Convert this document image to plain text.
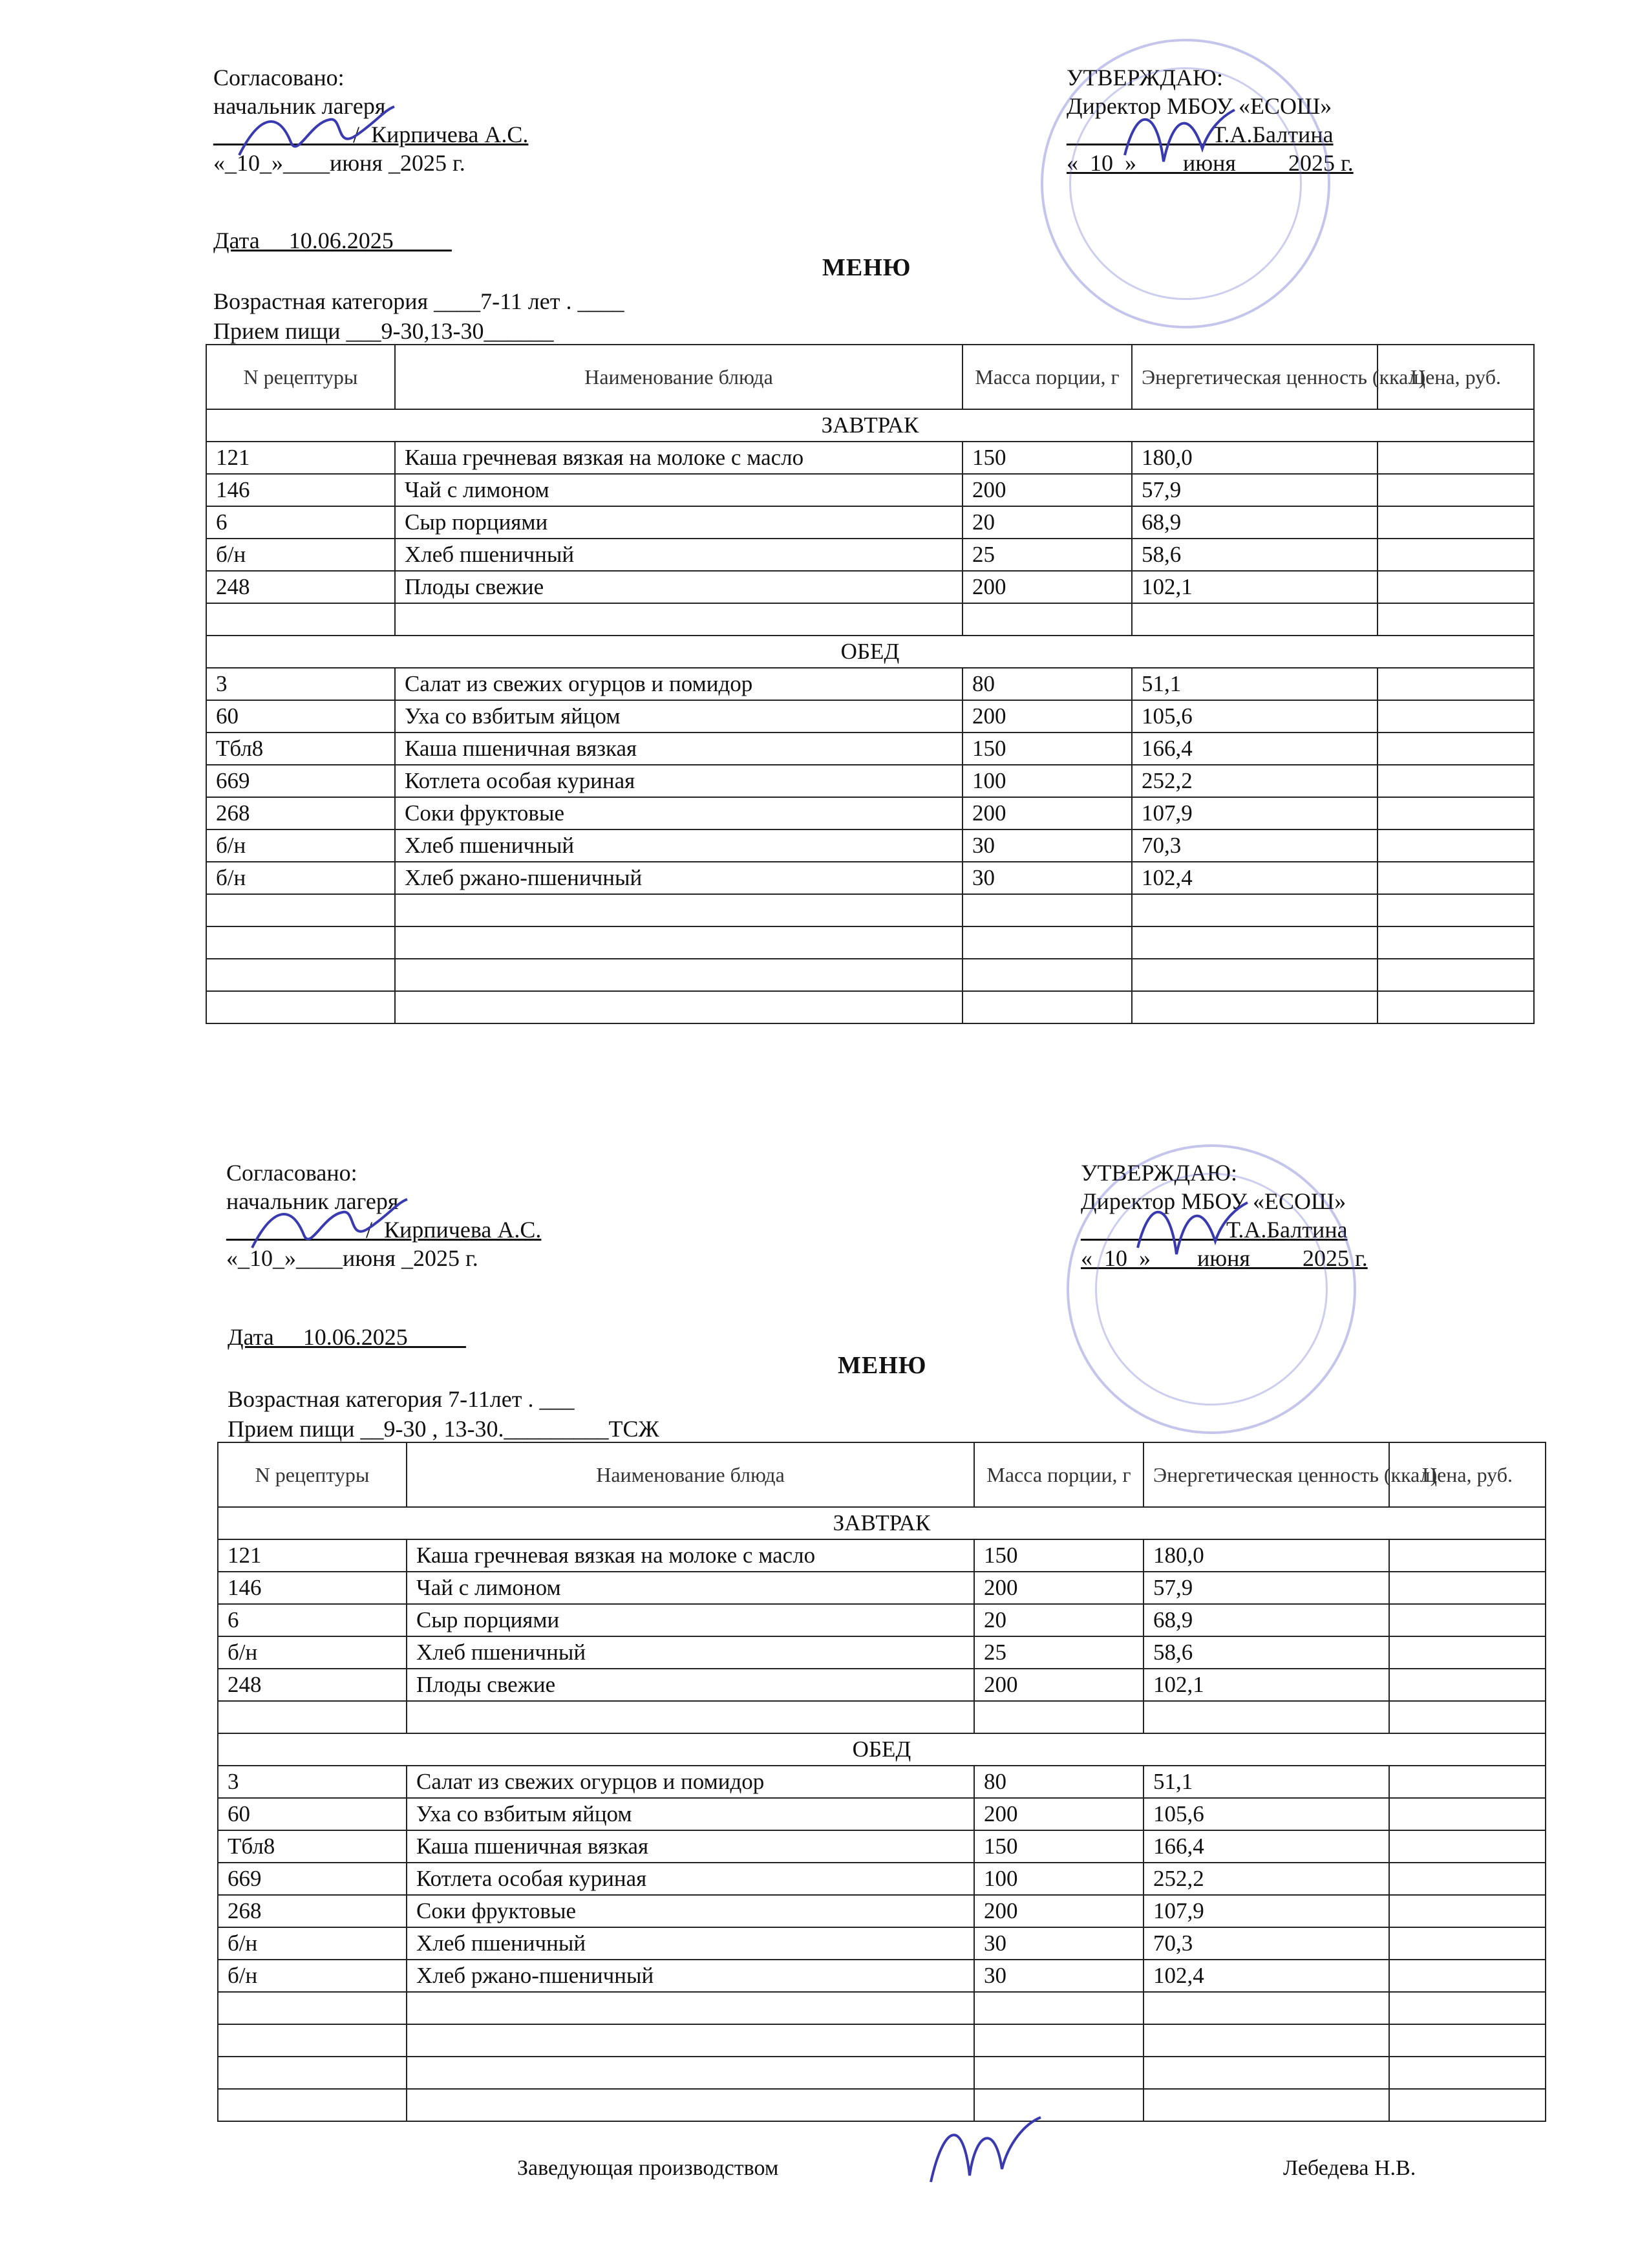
Согласовано:
начальник лагеря
____________/_Кирпичева А.С.
«_10_»____июня _2025 г.
УТВЕРЖДАЮ:
Директор МБОУ «ЕСОШ»
____________ Т.А.Балтина
«_10_»____июня____ 2025 г.
Дата __10.06.2025_____
МЕНЮ
Возрастная категория ____7-11 лет . ____
Прием пищи ___9-30,13-30______
N рецептуры	Наименование блюда	Масса порции, г	Энергетическая ценность (ккал)	Цена, руб.
ЗАВТРАК				
121	Каша гречневая вязкая на молоке с масло	150	180,0	
146	Чай с лимоном	200	57,9	
6	Сыр порциями	20	68,9	
б/н	Хлеб пшеничный	25	58,6	
248	Плоды свежие	200	102,1	

ОБЕД				
3	Салат из свежих огурцов и помидор	80	51,1	
60	Уха со взбитым яйцом	200	105,6	
Тбл8	Каша пшеничная вязкая	150	166,4	
669	Котлета особая куриная	100	252,2	
268	Соки фруктовые	200	107,9	
б/н	Хлеб пшеничный	30	70,3	
б/н	Хлеб ржано-пшеничный	30	102,4	

Согласовано:
начальник лагеря
____________/_Кирпичева А.С.
«_10_»____июня _2025 г.
УТВЕРЖДАЮ:
Директор МБОУ «ЕСОШ»
____________ Т.А.Балтина
«_10_»____июня____ 2025 г.
Дата __10.06.2025_____
МЕНЮ
Возрастная категория 7-11лет . ___
Прием пищи __9-30 , 13-30._________ТСЖ
N рецептуры	Наименование блюда	Масса порции, г	Энергетическая ценность (ккал)	Цена, руб.
ЗАВТРАК				
121	Каша гречневая вязкая на молоке с масло	150	180,0	
146	Чай с лимоном	200	57,9	
6	Сыр порциями	20	68,9	
б/н	Хлеб пшеничный	25	58,6	
248	Плоды свежие	200	102,1	

ОБЕД				
3	Салат из свежих огурцов и помидор	80	51,1	
60	Уха со взбитым яйцом	200	105,6	
Тбл8	Каша пшеничная вязкая	150	166,4	
669	Котлета особая куриная	100	252,2	
268	Соки фруктовые	200	107,9	
б/н	Хлеб пшеничный	30	70,3	
б/н	Хлеб ржано-пшеничный	30	102,4	

Заведующая производством	Лебедева Н.В.
